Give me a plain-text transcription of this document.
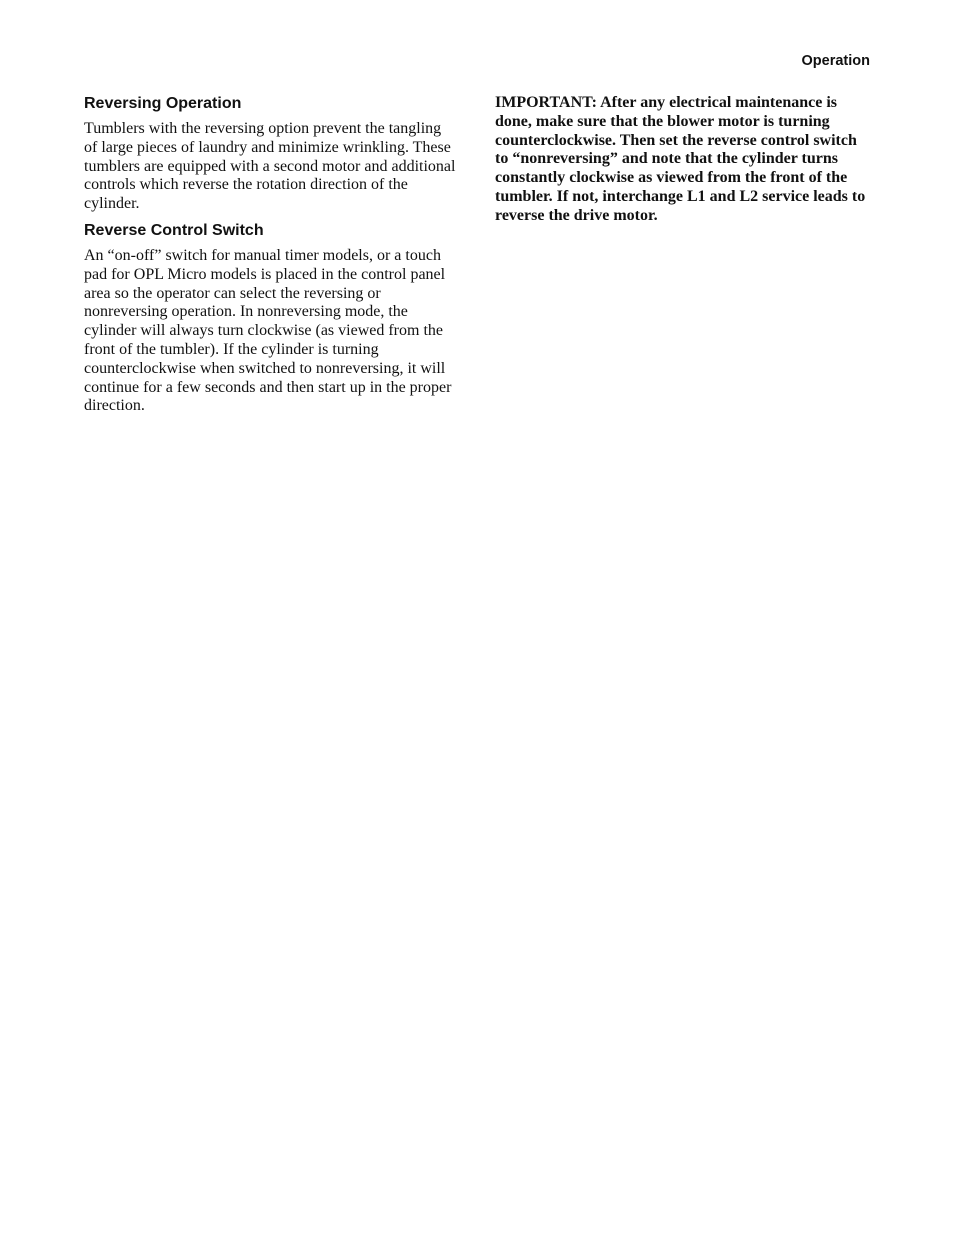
Operation
Reversing Operation

Tumblers with the reversing option prevent the tangling of large pieces of laundry and minimize wrinkling. These tumblers are equipped with a second motor and additional controls which reverse the rotation direction of the cylinder.

Reverse Control Switch

An “on-off” switch for manual timer models, or a touch pad for OPL Micro models is placed in the control panel area so the operator can select the reversing or nonreversing operation. In nonreversing mode, the cylinder will always turn clockwise (as viewed from the front of the tumbler). If the cylinder is turning counterclockwise when switched to nonreversing, it will continue for a few seconds and then start up in the proper direction.

IMPORTANT: After any electrical maintenance is done, make sure that the blower motor is turning counterclockwise. Then set the reverse control switch to “nonreversing” and note that the cylinder turns constantly clockwise as viewed from the front of the tumbler. If not, interchange L1 and L2 service leads to reverse the drive motor.
